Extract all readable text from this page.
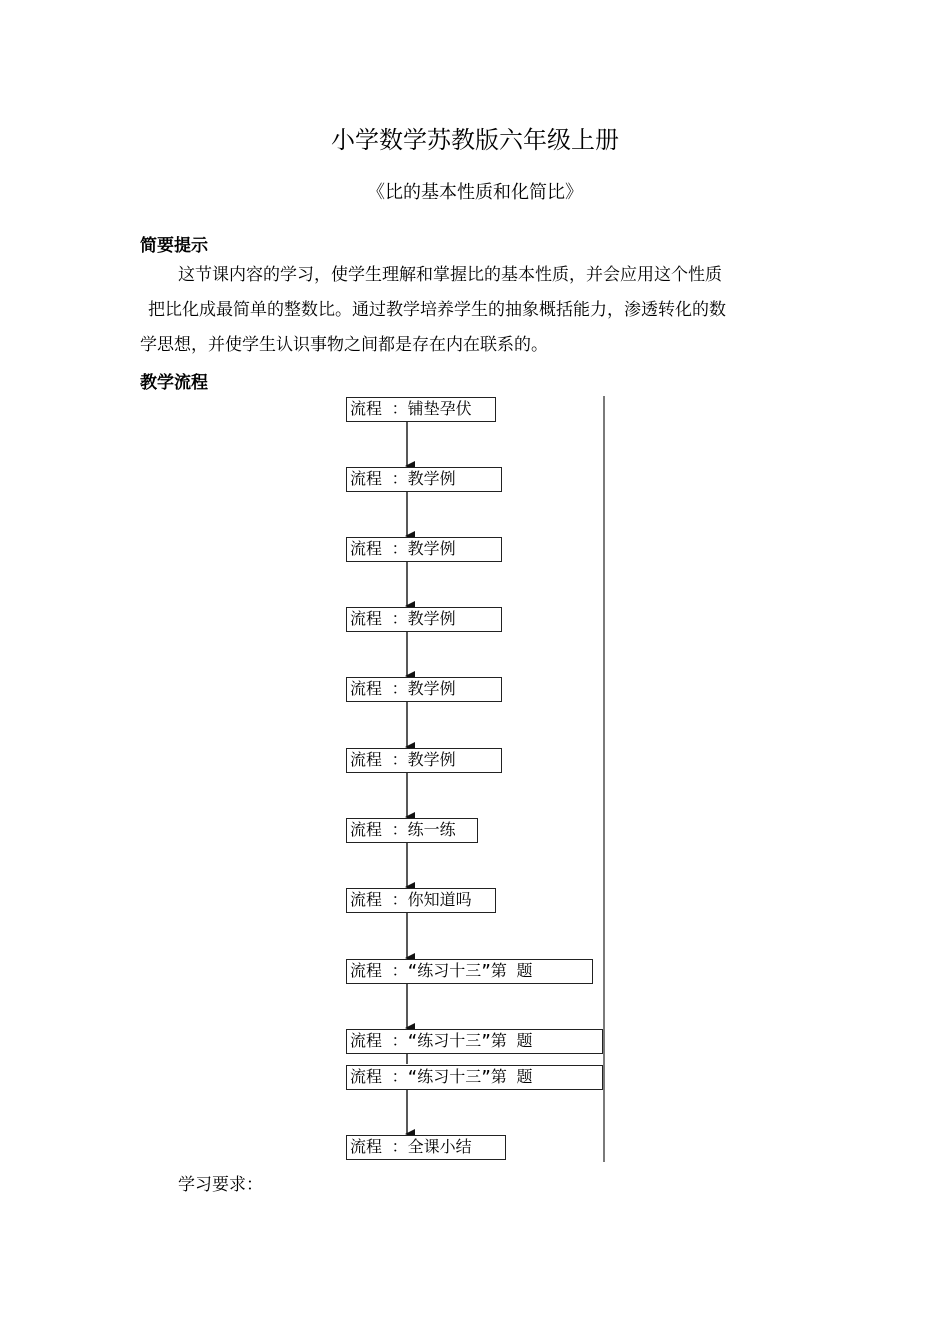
小学数学苏教版六年级上册
《比的基本性质和化简比》
简要提示
这节课内容的学习，使学生理解和掌握比的基本性质，并会应用这个性质
把比化成最简单的整数比。通过教学培养学生的抽象概括能力，渗透转化的数
学思想，并使学生认识事物之间都是存在内在联系的。
教学流程
流程 ：铺垫孕伏
流程 ：教学例
流程 ：教学例
流程 ：教学例
流程 ：教学例
流程 ：教学例
流程 ：练一练
流程 ：你知道吗
流程 ：“练习十三”第 题
流程 ：“练习十三”第 题
流程 ：“练习十三”第 题
流程 ：全课小结
学习要求：
